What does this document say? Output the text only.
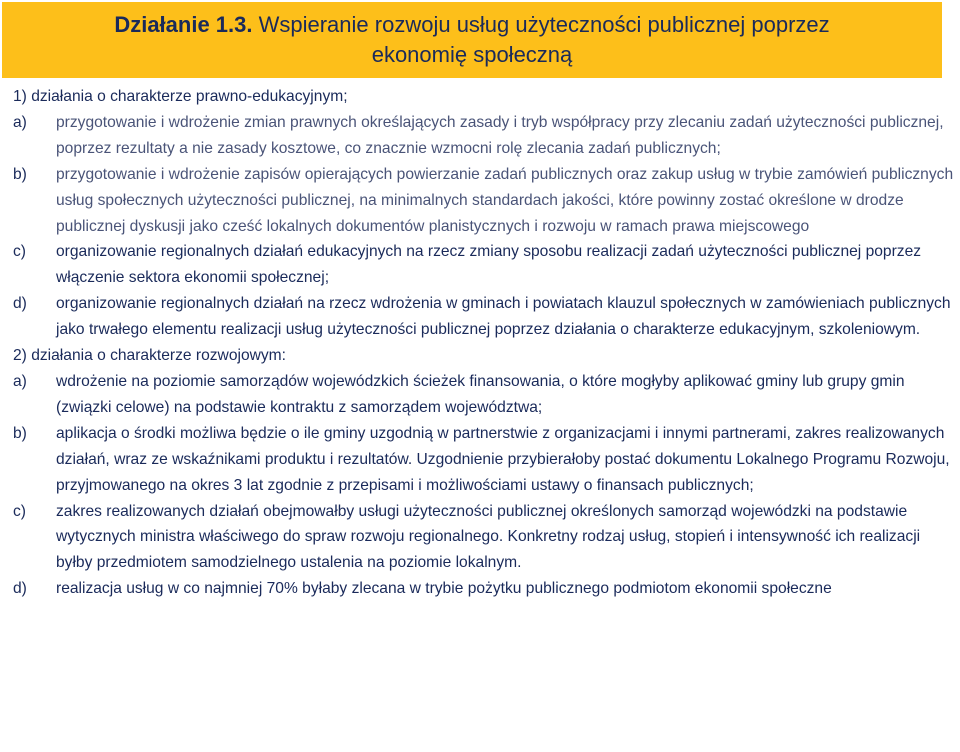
Działanie 1.3. Wspieranie rozwoju usług użyteczności publicznej poprzez
ekonomię społeczną
1) działania o charakterze prawno-edukacyjnym;
a)	przygotowanie i wdrożenie zmian prawnych określających zasady i tryb współpracy przy zlecaniu zadań użyteczności publicznej, poprzez rezultaty a nie zasady kosztowe, co znacznie wzmocni rolę zlecania zadań publicznych;
b)	przygotowanie i wdrożenie zapisów opierających powierzanie zadań publicznych oraz zakup usług w trybie zamówień publicznych usług społecznych użyteczności publicznej, na minimalnych standardach jakości, które powinny zostać określone w drodze publicznej dyskusji jako cześć lokalnych dokumentów planistycznych i rozwoju w ramach prawa miejscowego
c)	organizowanie regionalnych działań edukacyjnych na rzecz zmiany sposobu realizacji zadań użyteczności publicznej poprzez włączenie sektora ekonomii społecznej;
d)	organizowanie regionalnych działań na rzecz wdrożenia w gminach i powiatach klauzul społecznych w zamówieniach publicznych jako trwałego elementu realizacji usług użyteczności publicznej poprzez działania o charakterze edukacyjnym, szkoleniowym.
2) działania o charakterze rozwojowym:
a)	wdrożenie na poziomie samorządów wojewódzkich ścieżek finansowania, o które mogłyby aplikować gminy lub grupy gmin (związki celowe) na podstawie kontraktu z samorządem województwa;
b)	aplikacja o środki możliwa będzie o ile gminy uzgodnią w partnerstwie z organizacjami i innymi partnerami, zakres realizowanych działań, wraz ze wskaźnikami produktu i rezultatów. Uzgodnienie przybierałoby postać dokumentu Lokalnego Programu Rozwoju, przyjmowanego na okres 3 lat zgodnie z przepisami i możliwościami ustawy o finansach publicznych;
c)	zakres realizowanych działań obejmowałby usługi użyteczności publicznej określonych samorząd wojewódzki na podstawie wytycznych ministra właściwego do spraw rozwoju regionalnego. Konkretny rodzaj usług, stopień i intensywność ich realizacji byłby przedmiotem samodzielnego ustalenia na poziomie lokalnym.
d)	realizacja usług w co najmniej 70% byłaby zlecana w trybie pożytku publicznego podmiotom ekonomii społeczne
